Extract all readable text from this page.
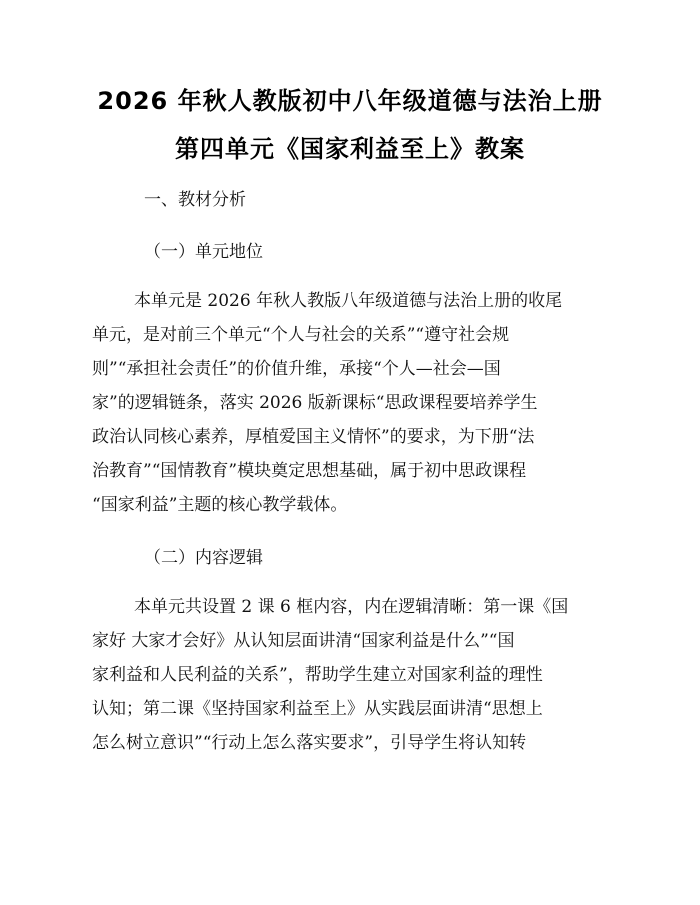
2026 年秋人教版初中八年级道德与法治上册
第四单元《国家利益至上》教案
一、教材分析
（一）单元地位
本单元是 2026 年秋人教版八年级道德与法治上册的收尾
单元，是对前三个单元“个人与社会的关系”“遵守社会规
则”“承担社会责任”的价值升维，承接“个人—社会—国
家”的逻辑链条，落实 2026 版新课标“思政课程要培养学生
政治认同核心素养，厚植爱国主义情怀”的要求，为下册“法
治教育”“国情教育”模块奠定思想基础，属于初中思政课程
“国家利益”主题的核心教学载体。
（二）内容逻辑
本单元共设置 2 课 6 框内容，内在逻辑清晰：第一课《国
家好 大家才会好》从认知层面讲清“国家利益是什么”“国
家利益和人民利益的关系”，帮助学生建立对国家利益的理性
认知；第二课《坚持国家利益至上》从实践层面讲清“思想上
怎么树立意识”“行动上怎么落实要求”，引导学生将认知转
